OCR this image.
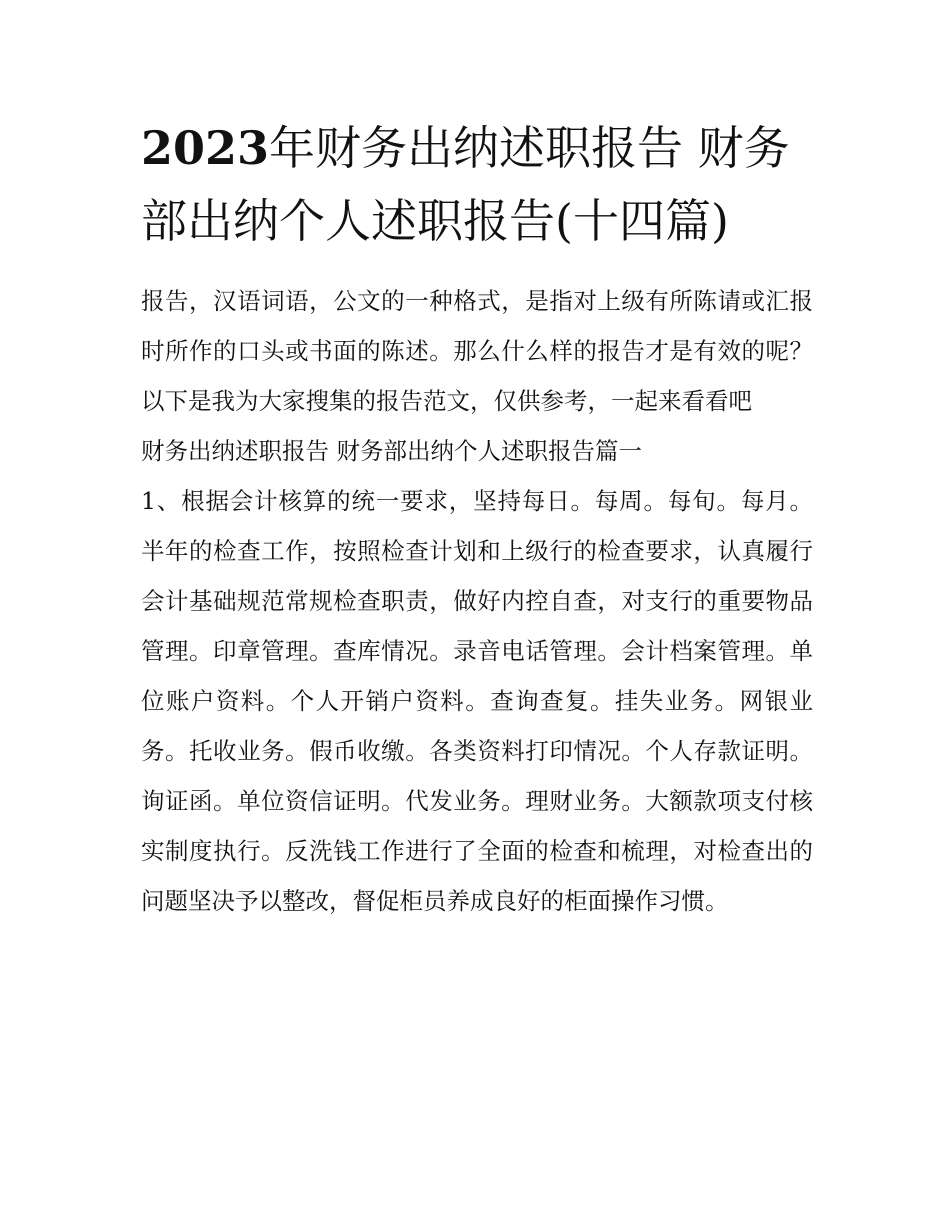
2023年财务出纳述职报告 财务部出纳个人述职报告(十四篇)

报告，汉语词语，公文的一种格式，是指对上级有所陈请或汇报时所作的口头或书面的陈述。那么什么样的报告才是有效的呢？以下是我为大家搜集的报告范文，仅供参考，一起来看看吧

财务出纳述职报告 财务部出纳个人述职报告篇一

1、根据会计核算的统一要求，坚持每日。每周。每旬。每月。半年的检查工作，按照检查计划和上级行的检查要求，认真履行会计基础规范常规检查职责，做好内控自查，对支行的重要物品管理。印章管理。查库情况。录音电话管理。会计档案管理。单位账户资料。个人开销户资料。查询查复。挂失业务。网银业务。托收业务。假币收缴。各类资料打印情况。个人存款证明。询证函。单位资信证明。代发业务。理财业务。大额款项支付核实制度执行。反洗钱工作进行了全面的检查和梳理，对检查出的问题坚决予以整改，督促柜员养成良好的柜面操作习惯。
